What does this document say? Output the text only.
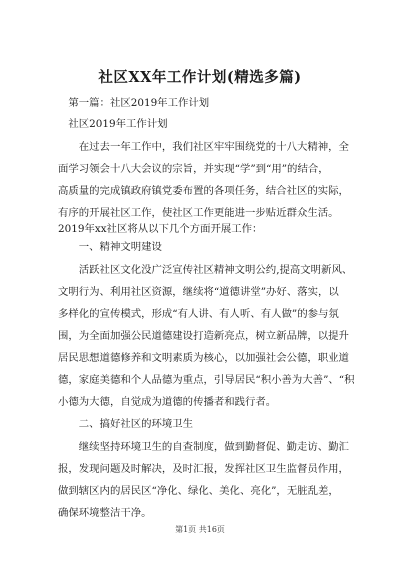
社区XX年工作计划(精选多篇)
　第一篇：社区2019年工作计划
　社区2019年工作计划
　　在过去一年工作中，我们社区牢牢围绕党的十八大精神，全
面学习领会十八大会议的宗旨，并实现“学”到“用”的结合，
高质量的完成镇政府镇党委布置的各项任务，结合社区的实际，
有序的开展社区工作，使社区工作更能进一步贴近群众生活。
2019年xx社区将从以下几个方面开展工作：
　　一、精神文明建设
　　活跃社区文化没广泛宣传社区精神文明公约,提高文明新风、
文明行为、利用社区资源，继续将“道德讲堂”办好、落实，以
多样化的宣传模式，形成“有人讲、有人听、有人做”的参与氛
围，为全面加强公民道德建设打造新亮点，树立新品牌，以提升
居民思想道德修养和文明素质为核心，以加强社会公德，职业道
德，家庭美德和个人品德为重点，引导居民“积小善为大善”、“积
小德为大德，自觉成为道德的传播者和践行者。
　　二、搞好社区的环境卫生
　　继续坚持环境卫生的自查制度，做到勤督促、勤走访、勤汇
报，发现问题及时解决，及时汇报，发挥社区卫生监督员作用，
做到辖区内的居民区“净化、绿化、美化、亮化”，无脏乱差，
确保环境整洁干净。
第1页 共16页
